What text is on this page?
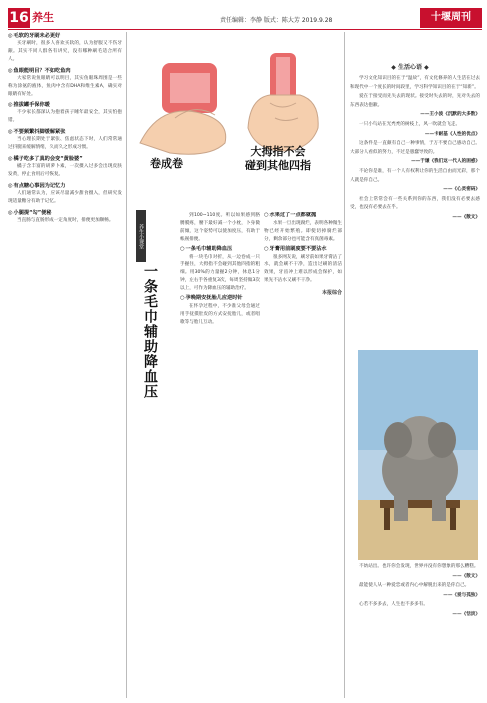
16 养生	责任编辑：李静 版式：陈大芳 2019.9.28	十堰周刊
◎ 毛软的牙刷未必更好

买牙刷时，很多人喜欢买软的，认为舒服又不伤牙龈。其实不同人群各有讲究，没有哪种刷毛适合所有人。

◎ 鱼眼能明目？不如吃鱼肉

大家常说鱼眼睛可以明目，其实鱼眼珠周围是一些称为涂氨的液体，鱼肉中含有DHA和维生素A，确实对眼睛有好处。

◎ 推拔罐手保你暖

不少家长都深认为抱着孩子睡年最安全，其实怕抱错。

◎ 不要频繁抖脚缓解紧张

当心理长期处于紧张、焦虑状态下时，人们常常通过抖腿来缓解情绪，久而久之形成习惯。

◎ 橘子吃多了真的会变“黄脸婆”

橘子含丰富的胡萝卜素，一次摄入过多会出现皮肤发黄，停止食用后可恢复。

◎ 有点糖心事因为记忆力

人们通常认为，应该尽量减少甜食摄入，但研究发现适量糖分有助于记忆。

◎ 小腿提“勾”便秘

当直肠与直肠形成一定角度时，排便更加顺畅。

卷成卷
大拇指不会
碰到其他四指
养生小课堂
一条毛巾辅助降血压

到100~110度。听以如果感到胳膊膜疼，腰下最好减一个小枕，卜身微前倾，这个姿势可以使加度压，有助于帐剐排便。

○ 一条毛巾辅助降血压

将一块毛巾对折，从一边卷成一只手握住，大拇指不会碰到其他四指的粗细。用30%的力量握2分钟，休息1分钟，左右手各重复3次，每周坚持做3次以上，可作为降血压的辅助治疗。

○ 孕晚期安抚胎儿应逆时针

在怀孕过程中，不少准父母会通过用手抚摸肚皮的方式安抚胎儿，或者唱歌等与胎儿互动。

○ 水果过了一点都就抛

水果一旦出现腐烂，表明各种微生物已经开始繁殖。即使切掉腐烂部分，剩余部分也可能含有真菌毒素。

○ 牙膏用前刷度要不要沾水

很多网友说，刷牙前如果牙膏沾了水，就会刷不干净，造出过刷的清洁效果，牙齿冲上难以形成会保护，如果先不沾水又刷不干净。

本报综合

◆ 生活心语 ◆

学习文化知识目的在于“温故”，有文化修养的人生活在过去和现代中一个度长的时间段里，学习科学知识目的在于“知新”。

爱在于接受而先失去的现状。接受时失去的时，先对失去的东西表达抱歉。

——王小波《沉默的大多数》

一只小鸟站在光秃秃的树枝上，风一吹就会飞走。

——卡耐基《人性的优点》

这条件是一直颇有自己一种事情，于万不要自己感动自己。大部分人看似的努力，不过是愚蠢导致的。

——于谦《我们这一代人的困惑》

不论你是谁，有一个人有权利让你的生活自由而光彩，那个人就是你自己。

——《心灵密码》

社会上常常会有一些关系到你的东西，我们没有必要去感受，也没有必要去在乎。

——《散文》

不妨站出。也许你会发现，世界并没有你想象的那么糟糕。

——《散文》

最能使人从一种爱恋或者内心中解脱出来的是你自己。

——《爱与孤独》

心若不多多去，人生也不多多有。

——《恬淡》
